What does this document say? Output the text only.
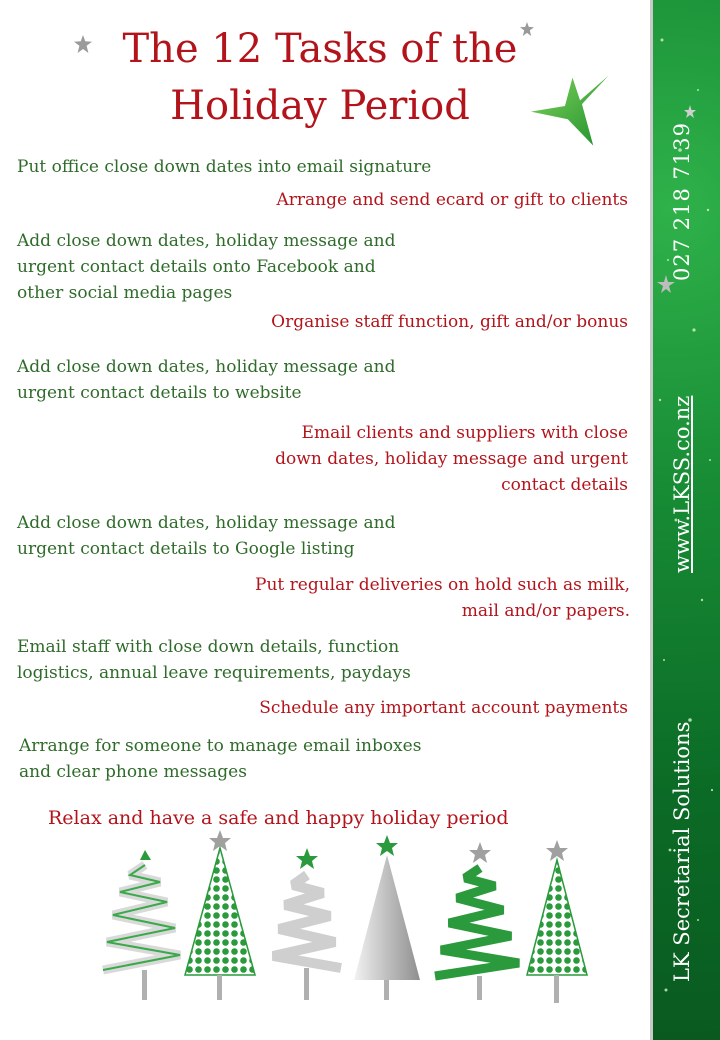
The 12 Tasks of the
Holiday Period
Put office close down dates into email signature
Arrange and send ecard or gift to clients
Add close down dates, holiday message and
urgent contact details onto Facebook and
other social media pages
Organise staff function, gift and/or bonus
Add close down dates, holiday message and
urgent contact details to website
Email clients and suppliers with close
down dates, holiday message and urgent
contact details
Add close down dates, holiday message and
urgent contact details to Google listing
Put regular deliveries on hold such as milk,
mail and/or papers.
Email staff with close down details, function
logistics, annual leave requirements, paydays
Schedule any important account payments
Arrange for someone to manage email inboxes
and clear phone messages
Relax and have a safe and happy holiday period
027 218 7139
www.LKSS.co.nz
LK Secretarial Solutions
